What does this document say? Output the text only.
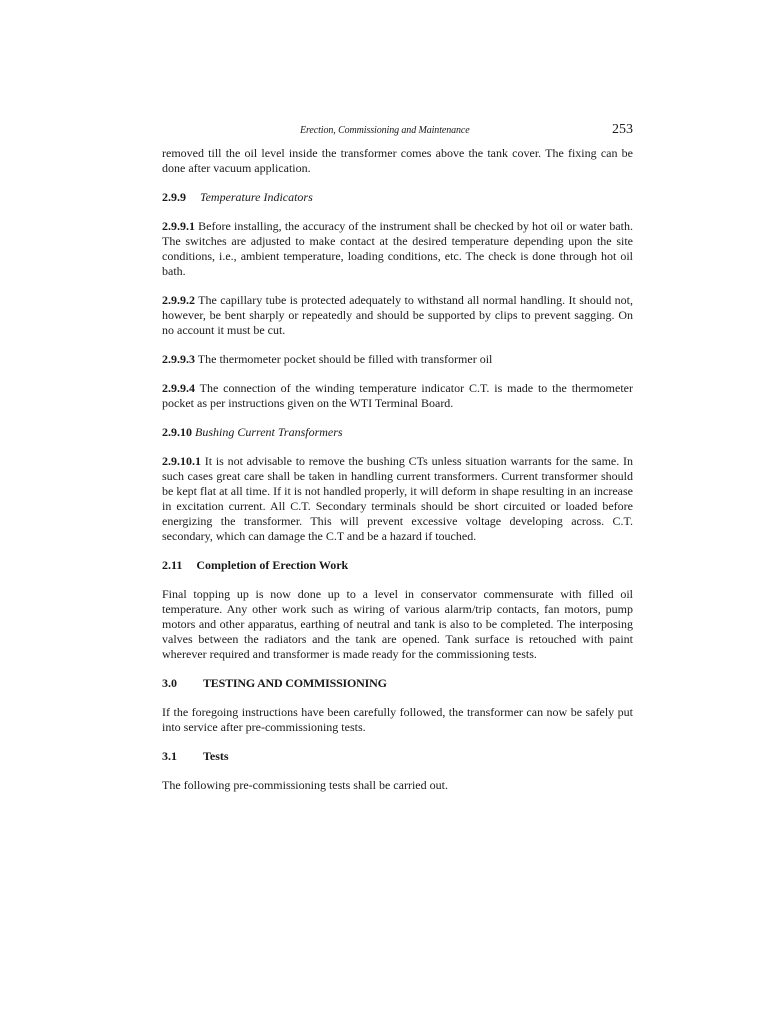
Erection, Commissioning and Maintenance	253

removed till the oil level inside the transformer comes above the tank cover. The fixing can be done after vacuum application.

2.9.9 Temperature Indicators

2.9.9.1 Before installing, the accuracy of the instrument shall be checked by hot oil or water bath. The switches are adjusted to make contact at the desired temperature depending upon the site conditions, i.e., ambient temperature, loading conditions, etc. The check is done through hot oil bath.

2.9.9.2 The capillary tube is protected adequately to withstand all normal handling. It should not, however, be bent sharply or repeatedly and should be supported by clips to prevent sagging. On no account it must be cut.

2.9.9.3 The thermometer pocket should be filled with transformer oil

2.9.9.4 The connection of the winding temperature indicator C.T. is made to the thermometer pocket as per instructions given on the WTI Terminal Board.

2.9.10 Bushing Current Transformers

2.9.10.1 It is not advisable to remove the bushing CTs unless situation warrants for the same. In such cases great care shall be taken in handling current transformers. Current transformer should be kept flat at all time. If it is not handled properly, it will deform in shape resulting in an increase in excitation current. All C.T. Secondary terminals should be short circuited or loaded before energizing the transformer. This will prevent excessive voltage developing across. C.T. secondary, which can damage the C.T and be a hazard if touched.

2.11 Completion of Erection Work

Final topping up is now done up to a level in conservator commensurate with filled oil temperature. Any other work such as wiring of various alarm/trip contacts, fan motors, pump motors and other apparatus, earthing of neutral and tank is also to be completed. The interposing valves between the radiators and the tank are opened. Tank surface is retouched with paint wherever required and transformer is made ready for the commissioning tests.

3.0 TESTING AND COMMISSIONING

If the foregoing instructions have been carefully followed, the transformer can now be safely put into service after pre-commissioning tests.

3.1 Tests

The following pre-commissioning tests shall be carried out.
